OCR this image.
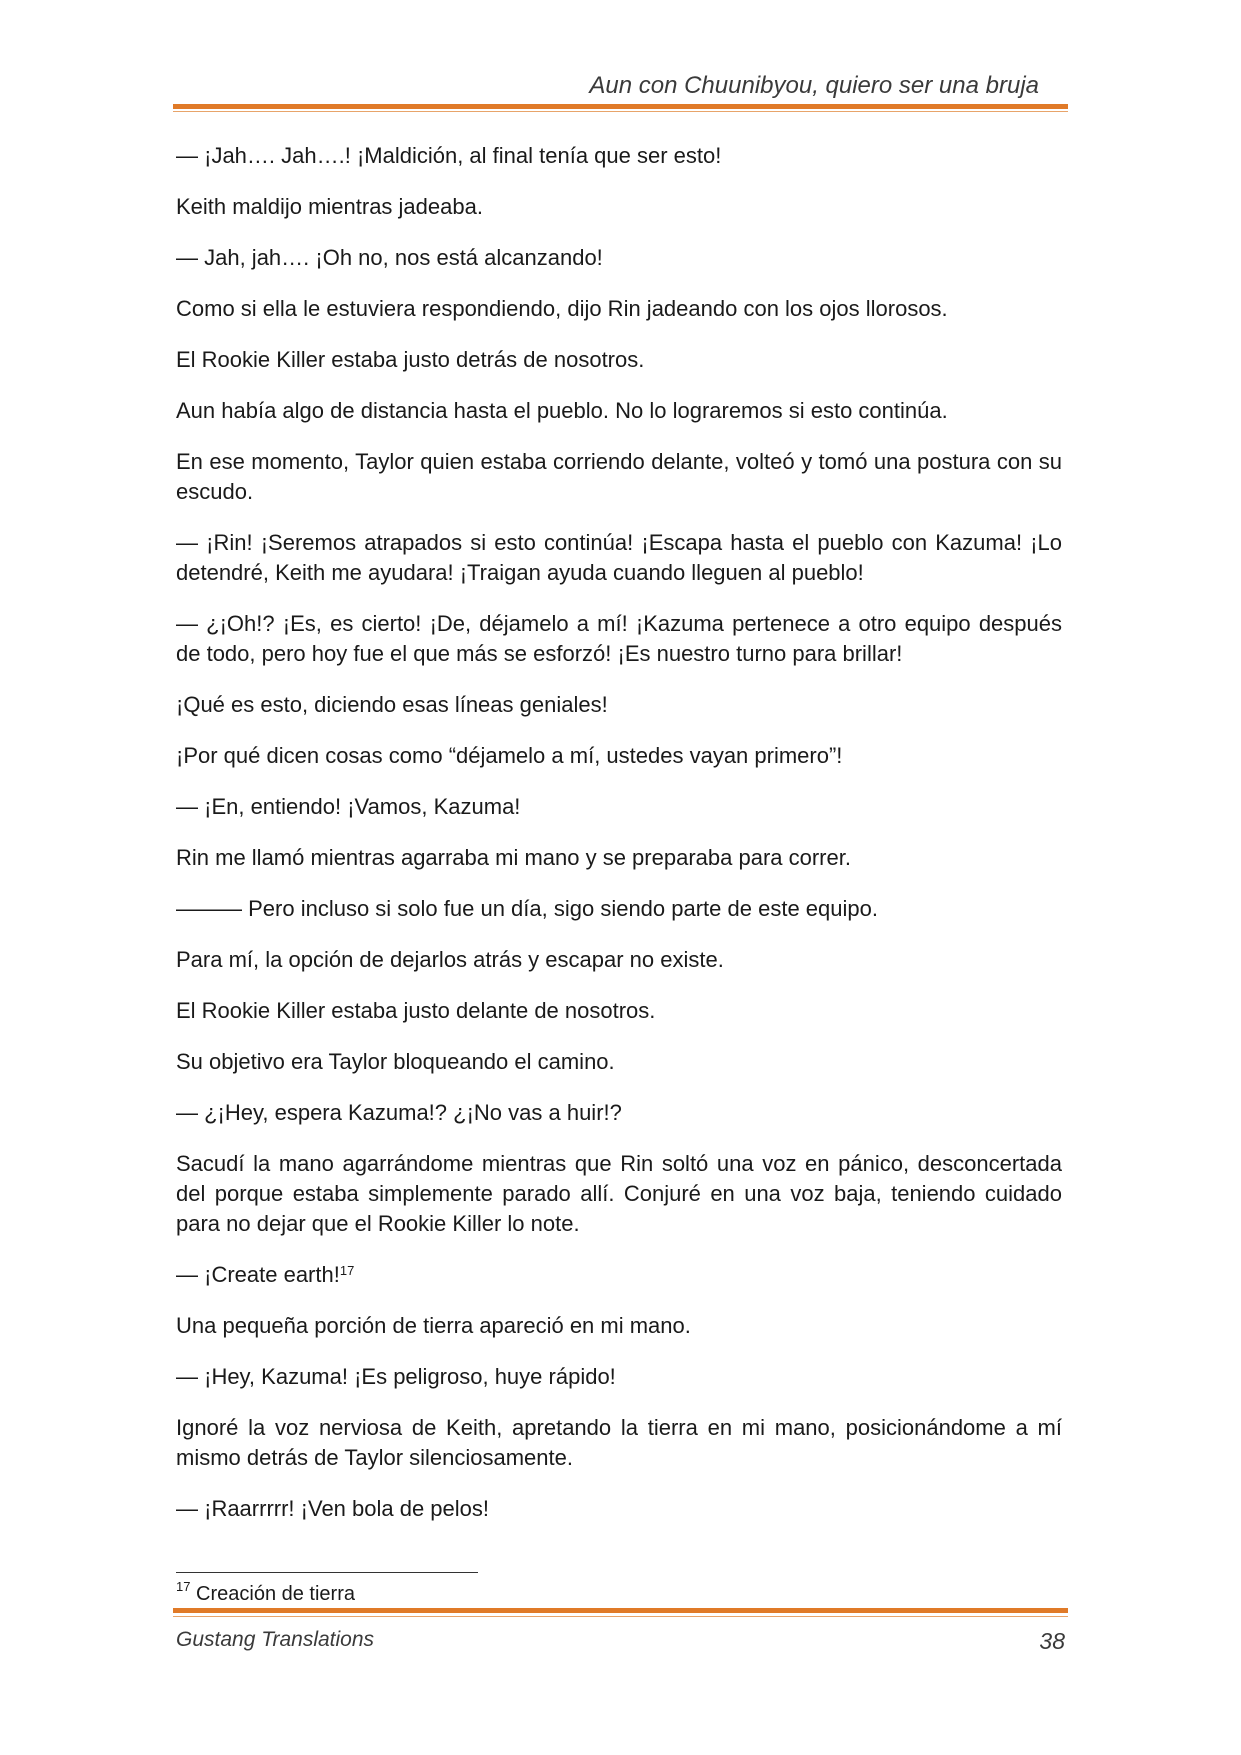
Aun con Chuunibyou, quiero ser una bruja

— ¡Jah…. Jah….! ¡Maldición, al final tenía que ser esto!

Keith maldijo mientras jadeaba.

— Jah, jah…. ¡Oh no, nos está alcanzando!

Como si ella le estuviera respondiendo, dijo Rin jadeando con los ojos llorosos.

El Rookie Killer estaba justo detrás de nosotros.

Aun había algo de distancia hasta el pueblo. No lo lograremos si esto continúa.

En ese momento, Taylor quien estaba corriendo delante, volteó y tomó una postura con su escudo.

— ¡Rin! ¡Seremos atrapados si esto continúa! ¡Escapa hasta el pueblo con Kazuma! ¡Lo detendré, Keith me ayudara! ¡Traigan ayuda cuando lleguen al pueblo!

— ¿¡Oh!? ¡Es, es cierto! ¡De, déjamelo a mí! ¡Kazuma pertenece a otro equipo después de todo, pero hoy fue el que más se esforzó! ¡Es nuestro turno para brillar!

¡Qué es esto, diciendo esas líneas geniales!

¡Por qué dicen cosas como “déjamelo a mí, ustedes vayan primero”!

— ¡En, entiendo! ¡Vamos, Kazuma!

Rin me llamó mientras agarraba mi mano y se preparaba para correr.

——— Pero incluso si solo fue un día, sigo siendo parte de este equipo.

Para mí, la opción de dejarlos atrás y escapar no existe.

El Rookie Killer estaba justo delante de nosotros.

Su objetivo era Taylor bloqueando el camino.

— ¿¡Hey, espera Kazuma!? ¿¡No vas a huir!?

Sacudí la mano agarrándome mientras que Rin soltó una voz en pánico, desconcertada del porque estaba simplemente parado allí. Conjuré en una voz baja, teniendo cuidado para no dejar que el Rookie Killer lo note.

— ¡Create earth!$^{17}$

Una pequeña porción de tierra apareció en mi mano.

— ¡Hey, Kazuma! ¡Es peligroso, huye rápido!

Ignoré la voz nerviosa de Keith, apretando la tierra en mi mano, posicionándome a mí mismo detrás de Taylor silenciosamente.

— ¡Raarrrrr! ¡Ven bola de pelos!

$^{17}$ Creación de tierra
Gustang Translations	38
